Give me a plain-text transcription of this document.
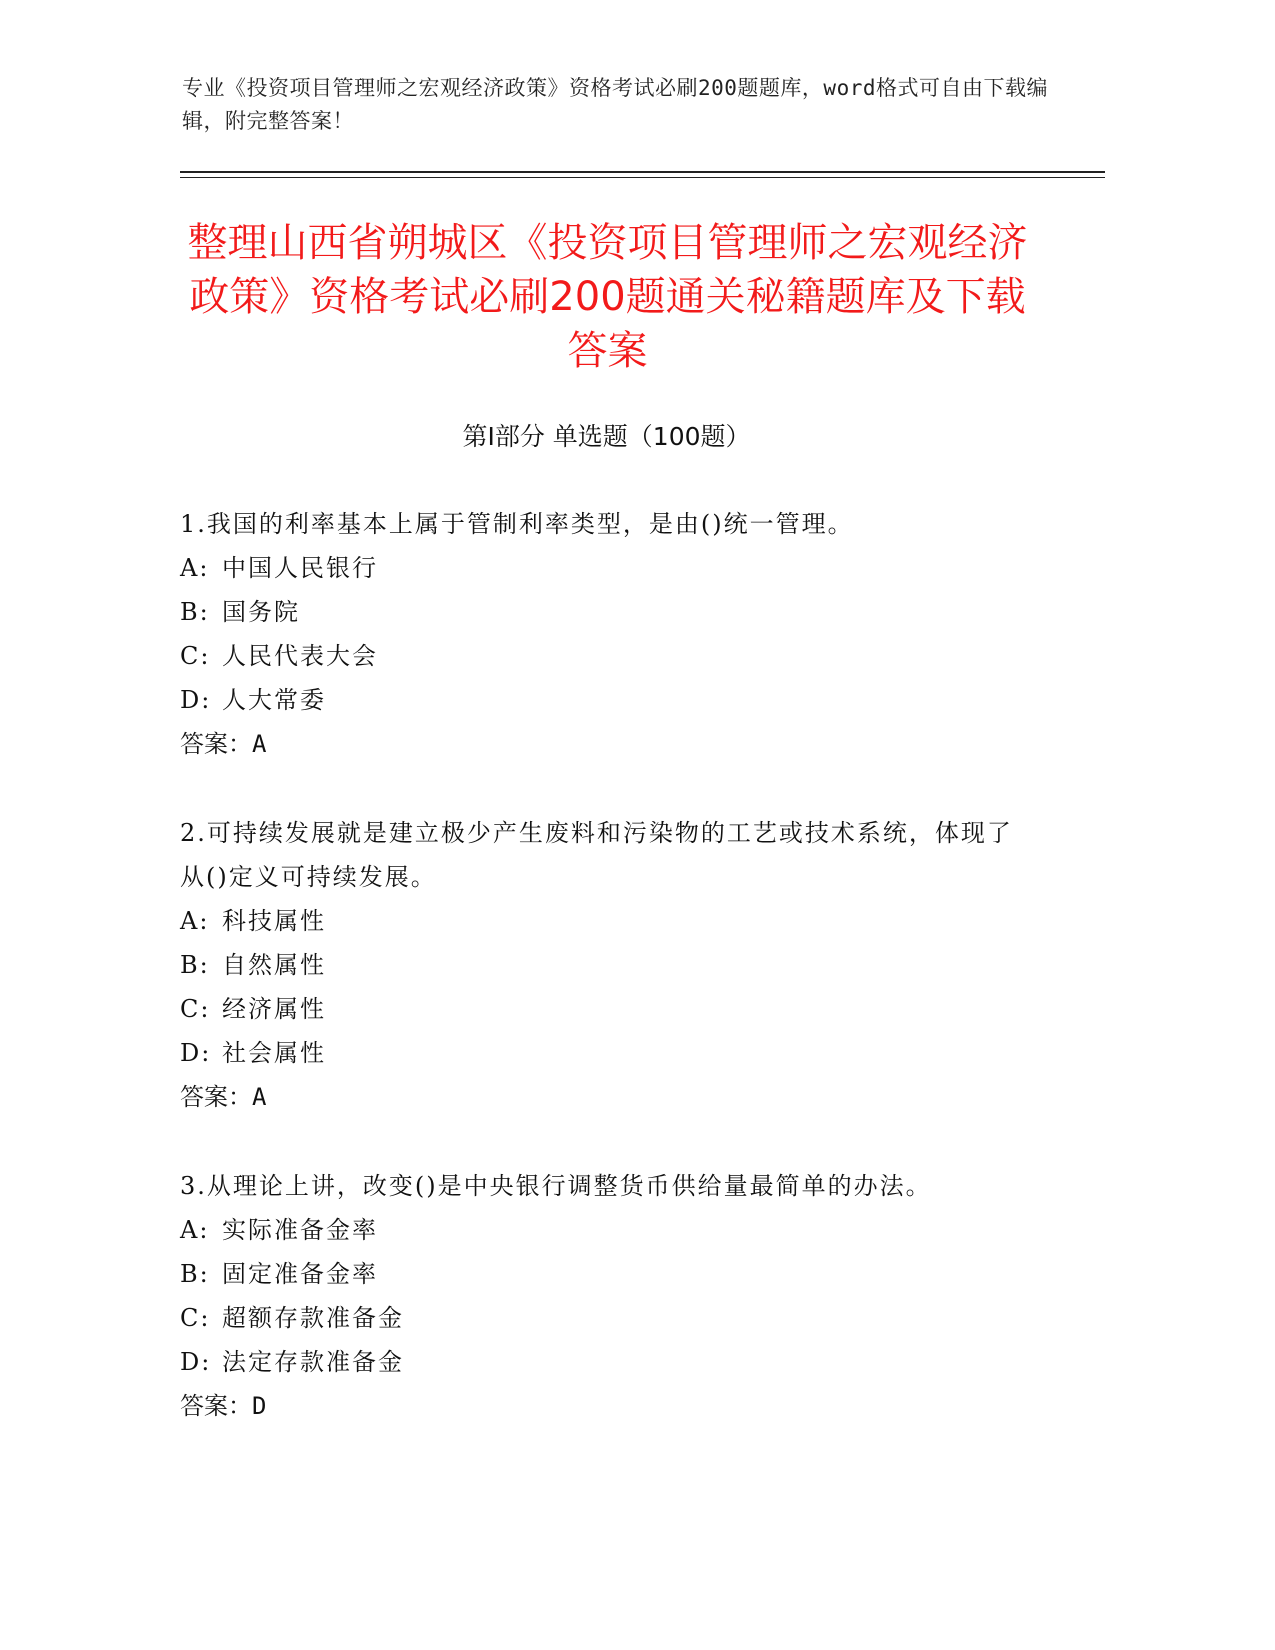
专业《投资项目管理师之宏观经济政策》资格考试必刷200题题库，word格式可自由下载编辑，附完整答案！
整理山西省朔城区《投资项目管理师之宏观经济政策》资格考试必刷200题通关秘籍题库及下载答案
第Ⅰ部分 单选题（100题）
1.我国的利率基本上属于管制利率类型，是由()统一管理。
A: 中国人民银行
B: 国务院
C: 人民代表大会
D: 人大常委
答案：A
2.可持续发展就是建立极少产生废料和污染物的工艺或技术系统，体现了从()定义可持续发展。
A: 科技属性
B: 自然属性
C: 经济属性
D: 社会属性
答案：A
3.从理论上讲，改变()是中央银行调整货币供给量最简单的办法。
A: 实际准备金率
B: 固定准备金率
C: 超额存款准备金
D: 法定存款准备金
答案：D
